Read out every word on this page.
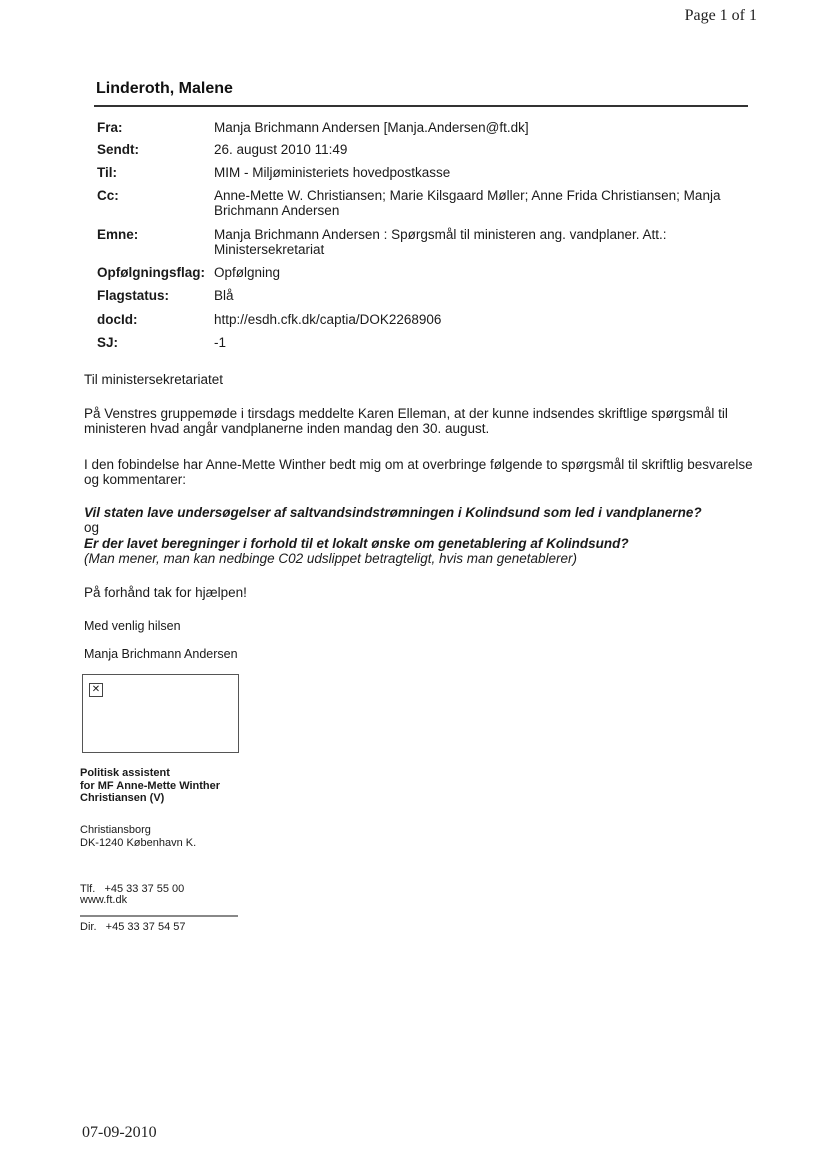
Page 1 of 1
Linderoth, Malene
Fra:	Manja Brichmann Andersen [Manja.Andersen@ft.dk]
Sendt:	26. august 2010 11:49
Til:	MIM - Miljøministeriets hovedpostkasse
Cc:	Anne-Mette W. Christiansen; Marie Kilsgaard Møller; Anne Frida Christiansen; Manja Brichmann Andersen
Emne:	Manja Brichmann Andersen : Spørgsmål til ministeren ang. vandplaner. Att.: Ministersekretariat
Opfølgningsflag: Opfølgning
Flagstatus:	Blå
docId:	http://esdh.cfk.dk/captia/DOK2268906
SJ:	-1
Til ministersekretariatet
På Venstres gruppemøde i tirsdags meddelte Karen Elleman, at der kunne indsendes skriftlige spørgsmål til ministeren hvad angår vandplanerne inden mandag den 30. august.
I den fobindelse har Anne-Mette Winther bedt mig om at overbringe følgende to spørgsmål til skriftlig besvarelse og kommentarer:
Vil staten lave undersøgelser af saltvandsindstrømningen i Kolindsund som led i vandplanerne?
og
Er der lavet beregninger i forhold til et lokalt ønske om genetablering af Kolindsund?
(Man mener, man kan nedbinge C02 udslippet betragteligt, hvis man genetablerer)
På forhånd tak for hjælpen!
Med venlig hilsen
Manja Brichmann Andersen
✕
Politisk assistent
for MF Anne-Mette Winther
Christiansen (V)
Christiansborg
DK-1240 København K.

Tlf.   +45 33 37 55 00

Dir.   +45 33 37 54 57

www.ft.dk
07-09-2010
